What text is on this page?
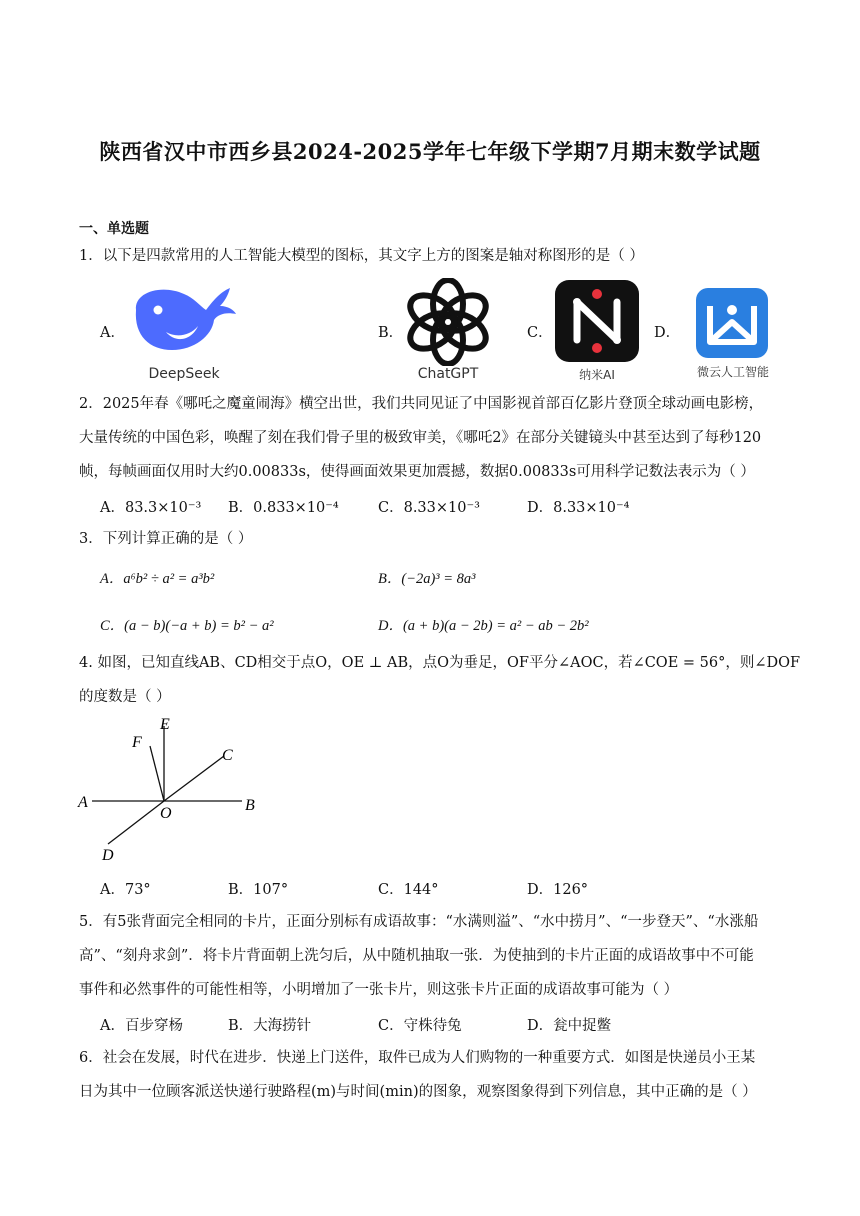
陕西省汉中市西乡县2024-2025学年七年级下学期7月期末数学试题
一、单选题
1．以下是四款常用的人工智能大模型的图标，其文字上方的图案是轴对称图形的是（ ）
A．
DeepSeek
B．
ChatGPT
C．
纳米AI
D．
微云人工智能
2．2025年春《哪吒之魔童闹海》横空出世，我们共同见证了中国影视首部百亿影片登顶全球动画电影榜，
大量传统的中国色彩，唤醒了刻在我们骨子里的极致审美，《哪吒2》在部分关键镜头中甚至达到了每秒120
帧，每帧画面仅用时大约0.00833s，使得画面效果更加震撼，数据0.00833s可用科学记数法表示为（ ）
A．83.3×10⁻³ B．0.833×10⁻⁴	C．8.33×10⁻³	D．8.33×10⁻⁴
3．下列计算正确的是（ ）
A．a⁶b² ÷ a² = a³b²	B．(−2a)³ = 8a³
C．(a − b)(−a + b) = b² − a²	D．(a + b)(a − 2b) = a² − ab − 2b²
4. 如图，已知直线AB、CD相交于点O，OE ⊥ AB，点O为垂足，OF平分∠AOC，若∠COE = 56°，则∠DOF
的度数是（ ）
E
F
C
A
O	B
D
A．73°	B．107°	C．144°	D．126°
5．有5张背面完全相同的卡片，正面分别标有成语故事：“水满则溢”、“水中捞月”、“一步登天”、“水涨船
高”、“刻舟求剑”．将卡片背面朝上洗匀后，从中随机抽取一张．为使抽到的卡片正面的成语故事中不可能
事件和必然事件的可能性相等，小明增加了一张卡片，则这张卡片正面的成语故事可能为（ ）
A．百步穿杨	B．大海捞针	C．守株待兔	D．瓮中捉鳖
6．社会在发展，时代在进步．快递上门送件，取件已成为人们购物的一种重要方式．如图是快递员小王某
日为其中一位顾客派送快递行驶路程(m)与时间(min)的图象，观察图象得到下列信息，其中正确的是（ ）
